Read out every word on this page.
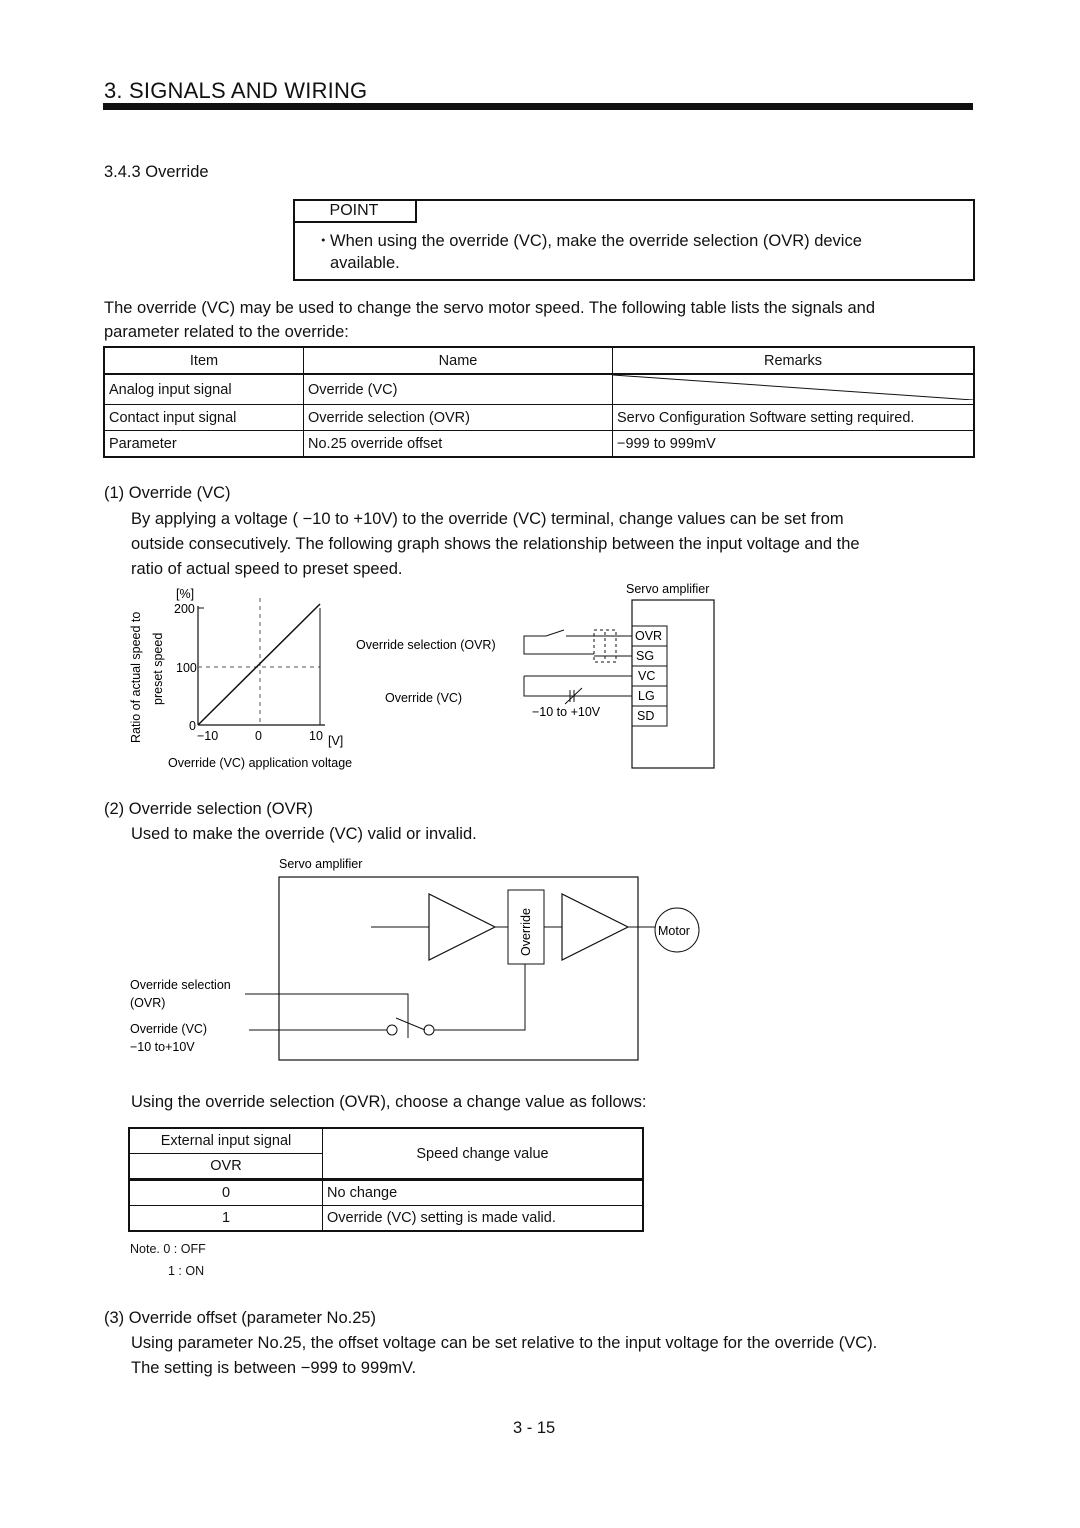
3. SIGNALS AND WIRING
3.4.3 Override
POINT
・
When using the override (VC), make the override selection (OVR) device
available.
The override (VC) may be used to change the servo motor speed. The following table lists the signals and
parameter related to the override:
Item	Name	Remarks
Analog input signal	Override (VC)	
Contact input signal	Override selection (OVR)	Servo Configuration Software setting required.
Parameter	No.25 override offset	−999 to 999mV
(1) Override (VC)
By applying a voltage ( −10 to +10V) to the override (VC) terminal, change values can be set from
outside consecutively. The following graph shows the relationship between the input voltage and the
ratio of actual speed to preset speed.
Ratio of actual speed to preset speed
[%]
200
100
0
−10	0	10 [V]
Override (VC) application voltage
Servo amplifier
OVR
SG
VC
LG
SD
Override selection (OVR)
Override (VC)
−10 to +10V
(2) Override selection (OVR)
Used to make the override (VC) valid or invalid.
Servo amplifier
Override	Motor
Override selection
(OVR)
Override (VC)
−10 to+10V
Using the override selection (OVR), choose a change value as follows:
External input signal	Speed change value
OVR	
0	No change
1	Override (VC) setting is made valid.
Note. 0 : OFF
1 : ON
(3) Override offset (parameter No.25)
Using parameter No.25, the offset voltage can be set relative to the input voltage for the override (VC).
The setting is between −999 to 999mV.
3 - 15
